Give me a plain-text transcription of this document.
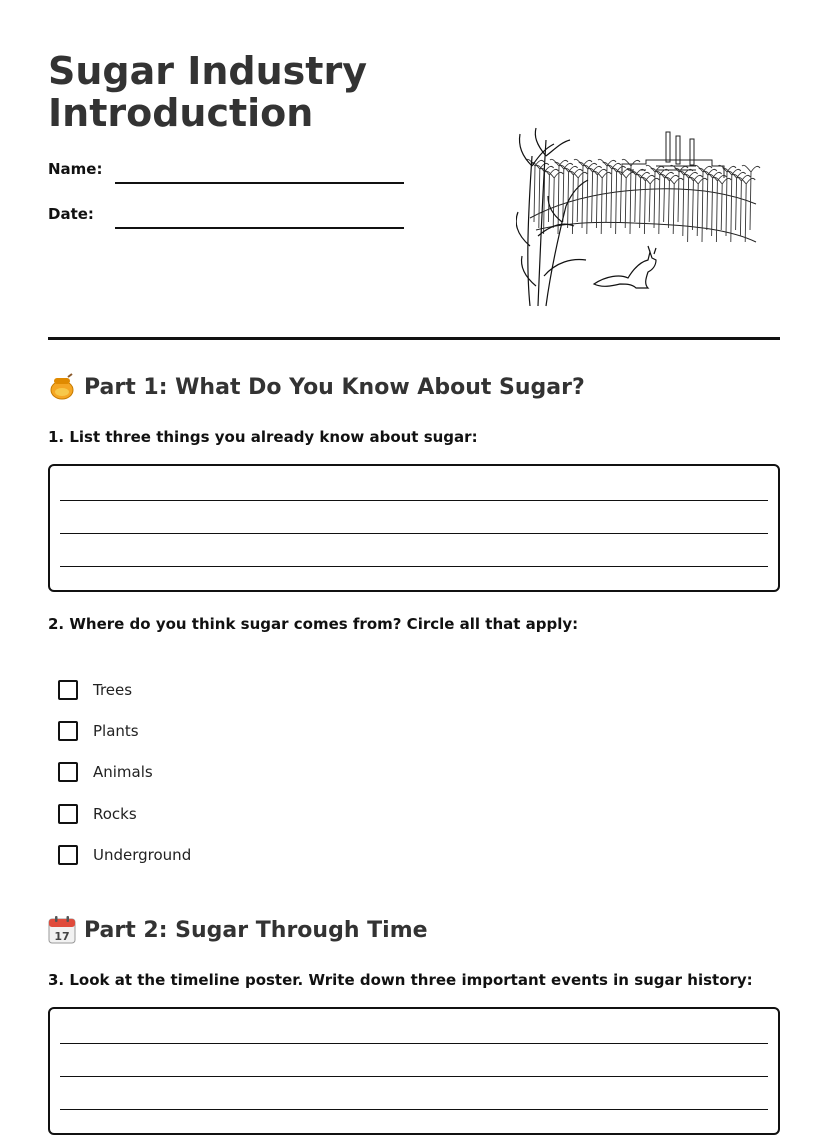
Sugar Industry
Introduction
Name:
Date:
Part 1: What Do You Know About Sugar?

1. List three things you already know about sugar:

2. Where do you think sugar comes from? Circle all that apply:

Trees
Plants
Animals
Rocks
Underground
17 Part 2: Sugar Through Time

3. Look at the timeline poster. Write down three important events in sugar history:
